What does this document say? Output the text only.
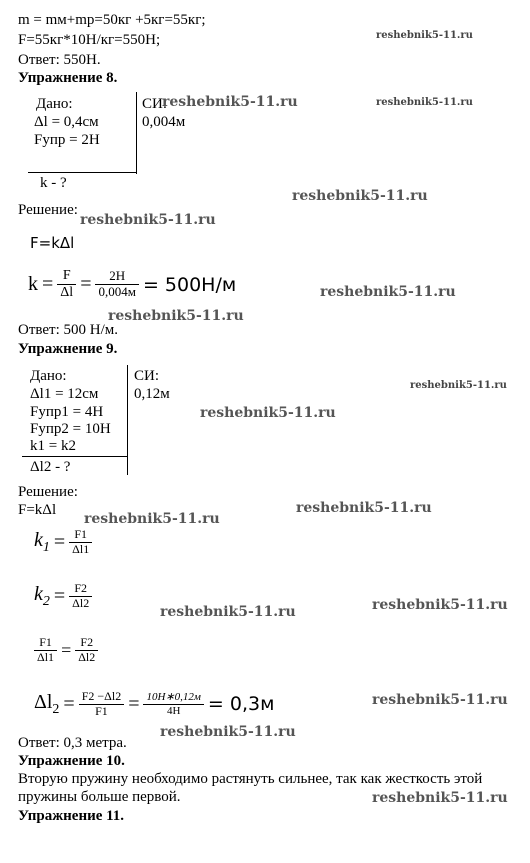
m = mм+mр=50кг +5кг=55кг;
F=55кг*10Н/кг=550Н;
Ответ: 550Н.
Упражнение 8.
reshebnik5-11.ru
Дано:
Δl = 0,4см
Fупр = 2Н
k - ?
СИ:
0,004м
reshebnik5-11.ru	reshebnik5-11.ru
Решение:
reshebnik5-11.ru
reshebnik5-11.ru
F=kΔl
$k = \frac{F}{\Delta l} = \frac{2Н}{0,004м} = 500Н/м$	reshebnik5-11.ru
reshebnik5-11.ru
Ответ: 500 Н/м.
Упражнение 9.
Дано:
Δl1 = 12см
Fупр1 = 4Н
Fупр2 = 10Н
k1 = k2
Δl2 - ?
СИ:
0,12м
reshebnik5-11.ru
reshebnik5-11.ru
Решение:
F=kΔl	reshebnik5-11.ru
reshebnik5-11.ru
$k_1 = \frac{F1}{\Delta l1}$
$k_2 = \frac{F2}{\Delta l2}$
reshebnik5-11.ru	reshebnik5-11.ru
$\frac{F1}{\Delta l1} = \frac{F2}{\Delta l2}$
$\Delta l_2 = \frac{F2 -\Delta l2}{F1} = \frac{10Н∗0,12м}{4Н} = 0,3м$	reshebnik5-11.ru
Ответ: 0,3 метра.
reshebnik5-11.ru
Упражнение 10.
Вторую пружину необходимо растянуть сильнее, так как жесткость этой
пружины больше первой.	reshebnik5-11.ru
Упражнение 11.
